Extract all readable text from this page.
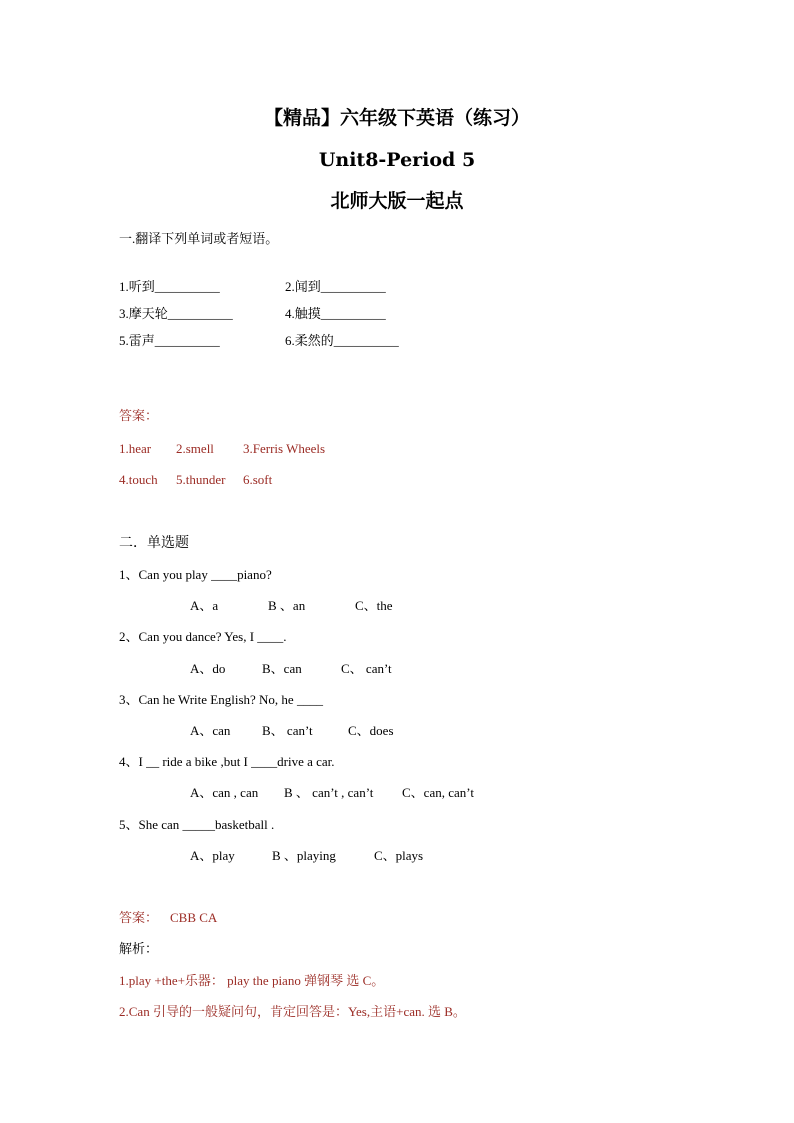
【精品】六年级下英语（练习）
Unit8-Period 5
北师大版一起点
一.翻译下列单词或者短语。
1.听到__________	2.闻到__________
3.摩天轮__________	4.触摸__________
5.雷声__________	6.柔然的__________
答案：
1.hear 2.smell 3.Ferris Wheels
4.touch 5.thunder 6.soft
二．单选题
1、Can you play ____piano?
A、a	B 、an	C、the
2、Can you dance? Yes, I ____.
A、do	B、can	C、 can’t
3、Can he Write English? No, he ____
A、can B、 can’t	C、does
4、I __ ride a bike ,but I ____drive a car.
A、can , can B 、 can’t , can’t C、can, can’t
5、She can _____basketball .
A、play	B 、playing	C、plays
答案： CBB CA
解析：
1.play +the+乐器： play the piano 弹钢琴 选 C。
2.Can 引导的一般疑问句，肯定回答是：Yes,主语+can. 选 B。
